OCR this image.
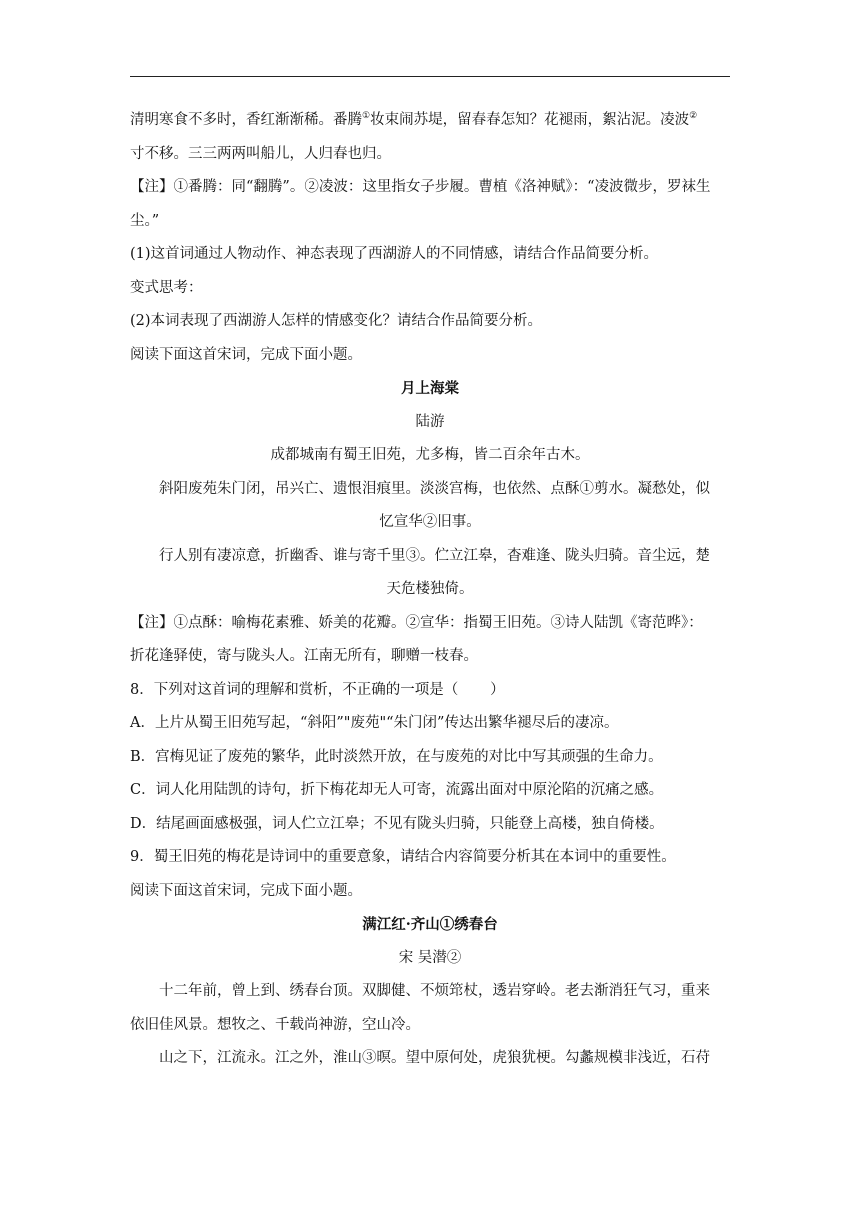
清明寒食不多时，香红渐渐稀。番腾①妆束闹苏堤，留春春怎知？花褪雨，絮沾泥。凌波②
寸不移。三三两两叫船儿，人归春也归。
【注】①番腾：同“翻腾”。②凌波：这里指女子步履。曹植《洛神赋》：“凌波微步，罗袜生
尘。”
(1)这首词通过人物动作、神态表现了西湖游人的不同情感，请结合作品简要分析。
变式思考：
(2)本词表现了西湖游人怎样的情感变化？请结合作品简要分析。
阅读下面这首宋词，完成下面小题。
月上海棠
陆游
成都城南有蜀王旧苑，尤多梅，皆二百余年古木。
斜阳废苑朱门闭，吊兴亡、遗恨泪痕里。淡淡宫梅，也依然、点酥①剪水。凝愁处，似
忆宣华②旧事。
行人别有凄凉意，折幽香、谁与寄千里③。伫立江皋，杳难逢、陇头归骑。音尘远，楚
天危楼独倚。
【注】①点酥：喻梅花素雅、娇美的花瓣。②宣华：指蜀王旧苑。③诗人陆凯《寄范晔》：
折花逢驿使，寄与陇头人。江南无所有，聊赠一枝春。
8．下列对这首词的理解和赏析，不正确的一项是（ ）
A．上片从蜀王旧苑写起，“斜阳”"废苑"“朱门闭”传达出繁华褪尽后的凄凉。
B．宫梅见证了废苑的繁华，此时淡然开放，在与废苑的对比中写其顽强的生命力。
C．词人化用陆凯的诗句，折下梅花却无人可寄，流露出面对中原沦陷的沉痛之感。
D．结尾画面感极强，词人伫立江皋；不见有陇头归骑，只能登上高楼，独自倚楼。
9．蜀王旧苑的梅花是诗词中的重要意象，请结合内容简要分析其在本词中的重要性。
阅读下面这首宋词，完成下面小题。
满江红·齐山①绣春台
宋 吴潜②
十二年前，曾上到、绣春台顶。双脚健、不烦筇杖，透岩穿岭。老去渐消狂气习，重来
依旧佳风景。想牧之、千载尚神游，空山冷。
山之下，江流永。江之外，淮山③暝。望中原何处，虎狼犹梗。勾蠡规模非浅近，石苻
